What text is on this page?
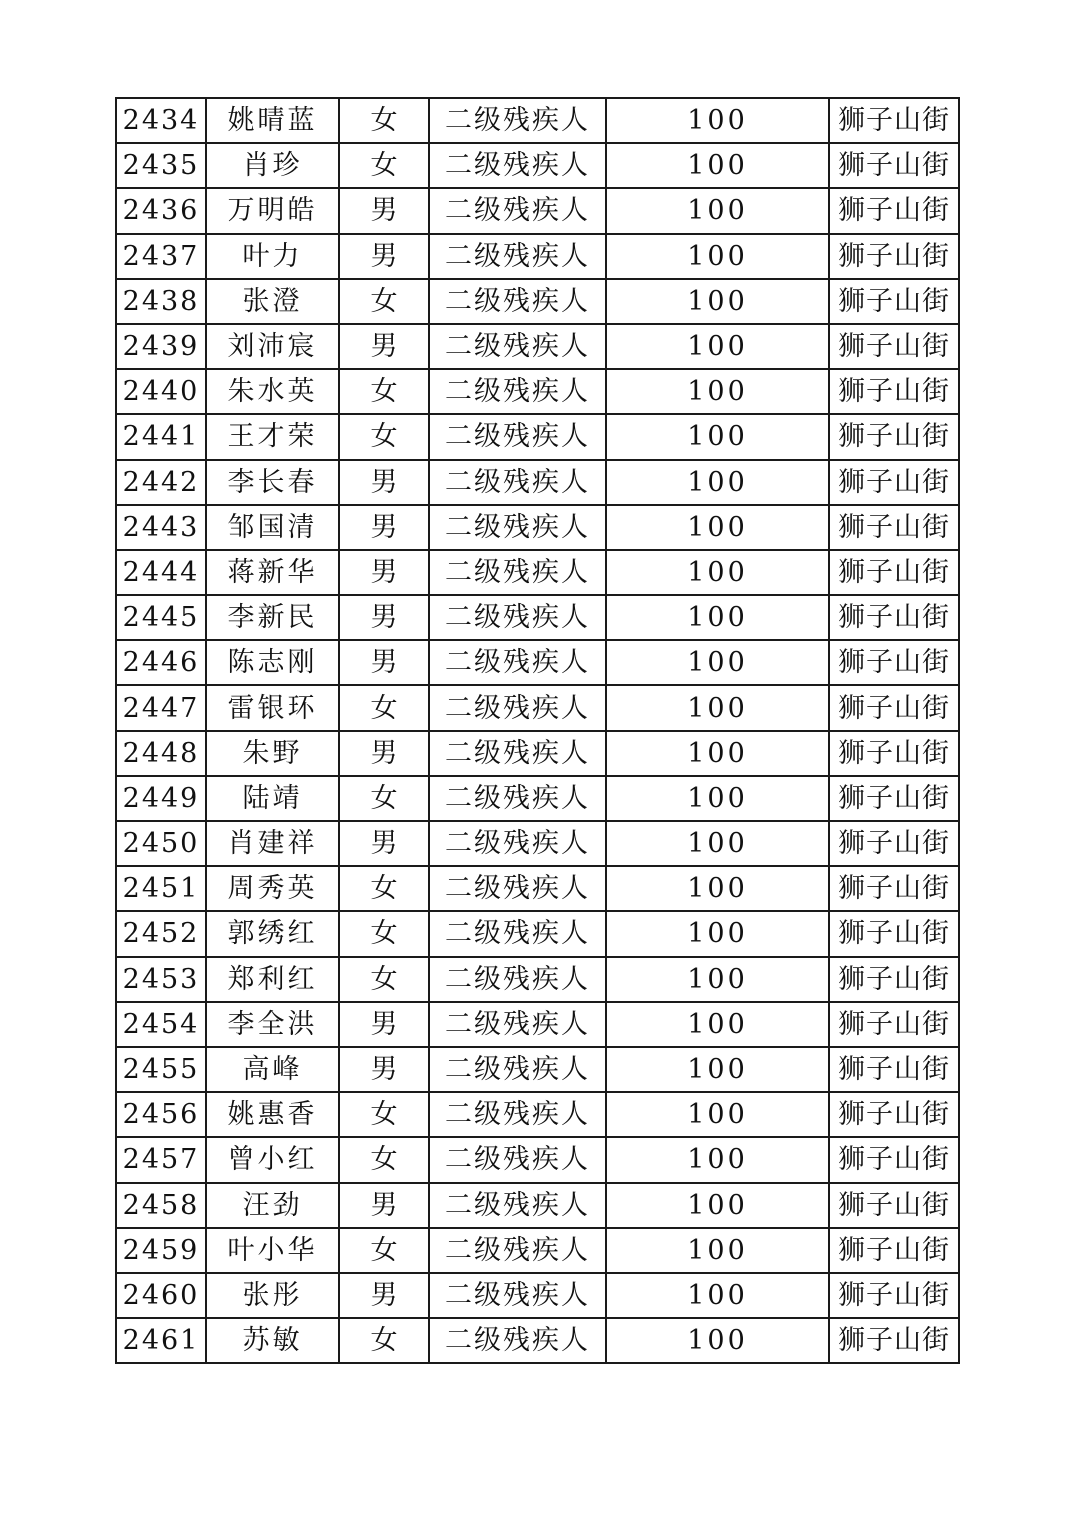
2434	姚晴蓝	女	二级残疾人	100	狮子山街
2435	肖珍	女	二级残疾人	100	狮子山街
2436	万明皓	男	二级残疾人	100	狮子山街
2437	叶力	男	二级残疾人	100	狮子山街
2438	张澄	女	二级残疾人	100	狮子山街
2439	刘沛宸	男	二级残疾人	100	狮子山街
2440	朱水英	女	二级残疾人	100	狮子山街
2441	王才荣	女	二级残疾人	100	狮子山街
2442	李长春	男	二级残疾人	100	狮子山街
2443	邹国清	男	二级残疾人	100	狮子山街
2444	蒋新华	男	二级残疾人	100	狮子山街
2445	李新民	男	二级残疾人	100	狮子山街
2446	陈志刚	男	二级残疾人	100	狮子山街
2447	雷银环	女	二级残疾人	100	狮子山街
2448	朱野	男	二级残疾人	100	狮子山街
2449	陆靖	女	二级残疾人	100	狮子山街
2450	肖建祥	男	二级残疾人	100	狮子山街
2451	周秀英	女	二级残疾人	100	狮子山街
2452	郭绣红	女	二级残疾人	100	狮子山街
2453	郑利红	女	二级残疾人	100	狮子山街
2454	李全洪	男	二级残疾人	100	狮子山街
2455	高峰	男	二级残疾人	100	狮子山街
2456	姚惠香	女	二级残疾人	100	狮子山街
2457	曾小红	女	二级残疾人	100	狮子山街
2458	汪劲	男	二级残疾人	100	狮子山街
2459	叶小华	女	二级残疾人	100	狮子山街
2460	张彤	男	二级残疾人	100	狮子山街
2461	苏敏	女	二级残疾人	100	狮子山街
